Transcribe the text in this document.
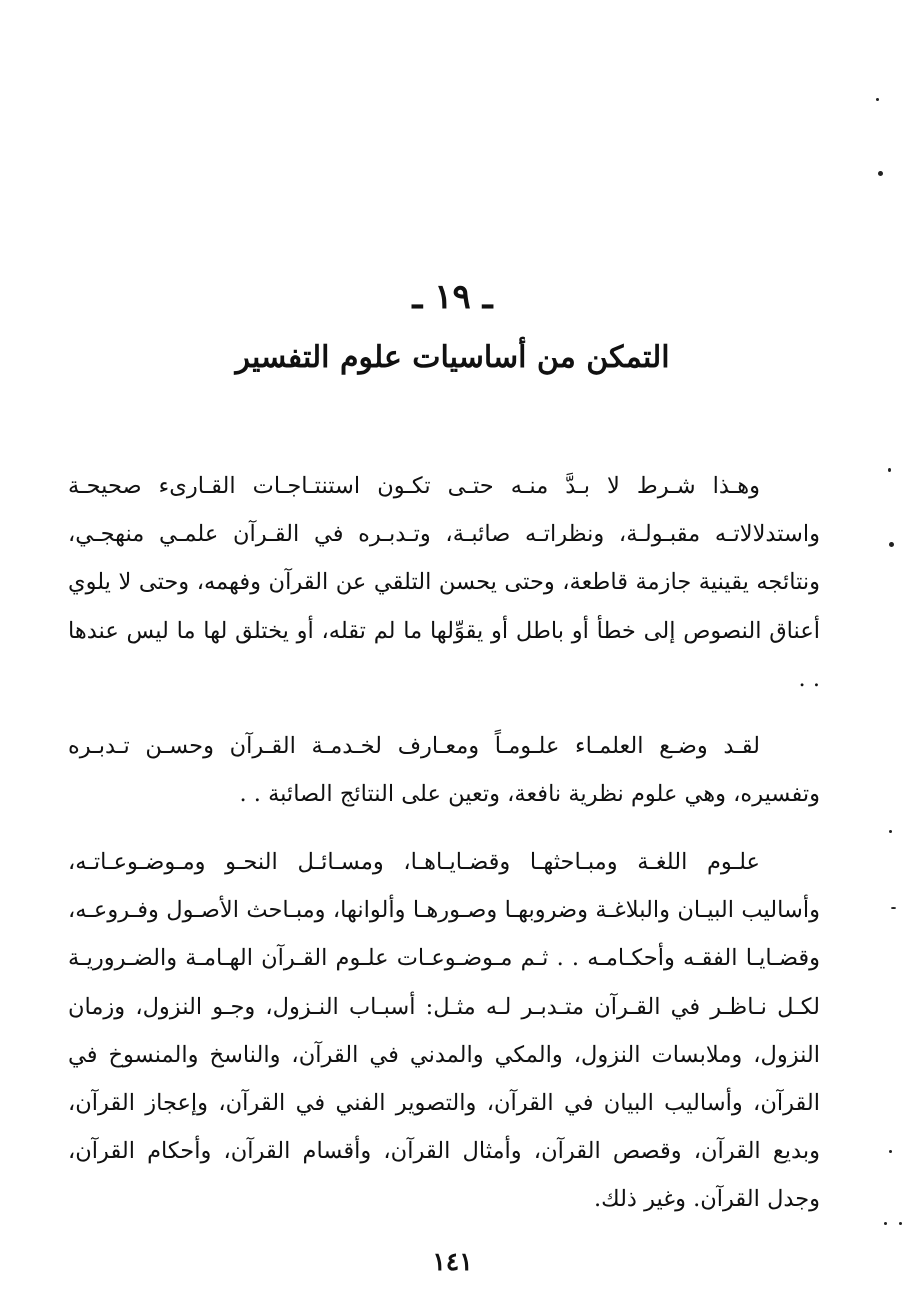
ـ ١٩ ـ
التمكن من أساسيات علوم التفسير

وهـذا شـرط لا بـدَّ منـه حتـى تكـون استنتـاجـات القـارىء صحيحـة واستدلالاتـه مقبـولـة، ونظراتـه صائبـة، وتـدبـره في القـرآن علمـي منهجـي، ونتائجه يقينية جازمة قاطعة، وحتى يحسن التلقي عن القرآن وفهمه، وحتى لا يلوي أعناق النصوص إلى خطأ أو باطل أو يقوِّلها ما لم تقله، أو يختلق لها ما ليس عندها . .

لقـد وضـع العلمـاء علـومـاً ومعـارف لخـدمـة القـرآن وحسـن تـدبـره وتفسيره، وهي علوم نظرية نافعة، وتعين على النتائج الصائبة . .

علـوم اللغـة ومبـاحثهـا وقضـايـاهـا، ومسـائـل النحـو ومـوضـوعـاتـه، وأساليب البيـان والبلاغـة وضروبهـا وصـورهـا وألوانها، ومبـاحث الأصـول وفـروعـه، وقضـايـا الفقـه وأحكـامـه . . ثـم مـوضـوعـات علـوم القـرآن الهـامـة والضـروريـة لكـل نـاظـر في القـرآن متـدبـر لـه مثـل: أسبـاب النـزول، وجـو النزول، وزمان النزول، وملابسات النزول، والمكي والمدني في القرآن، والناسخ والمنسوخ في القرآن، وأساليب البيان في القرآن، والتصوير الفني في القرآن، وإعجاز القرآن، وبديع القرآن، وقصص القرآن، وأمثال القرآن، وأقسام القرآن، وأحكام القرآن، وجدل القرآن. وغير ذلك.

١٤١
